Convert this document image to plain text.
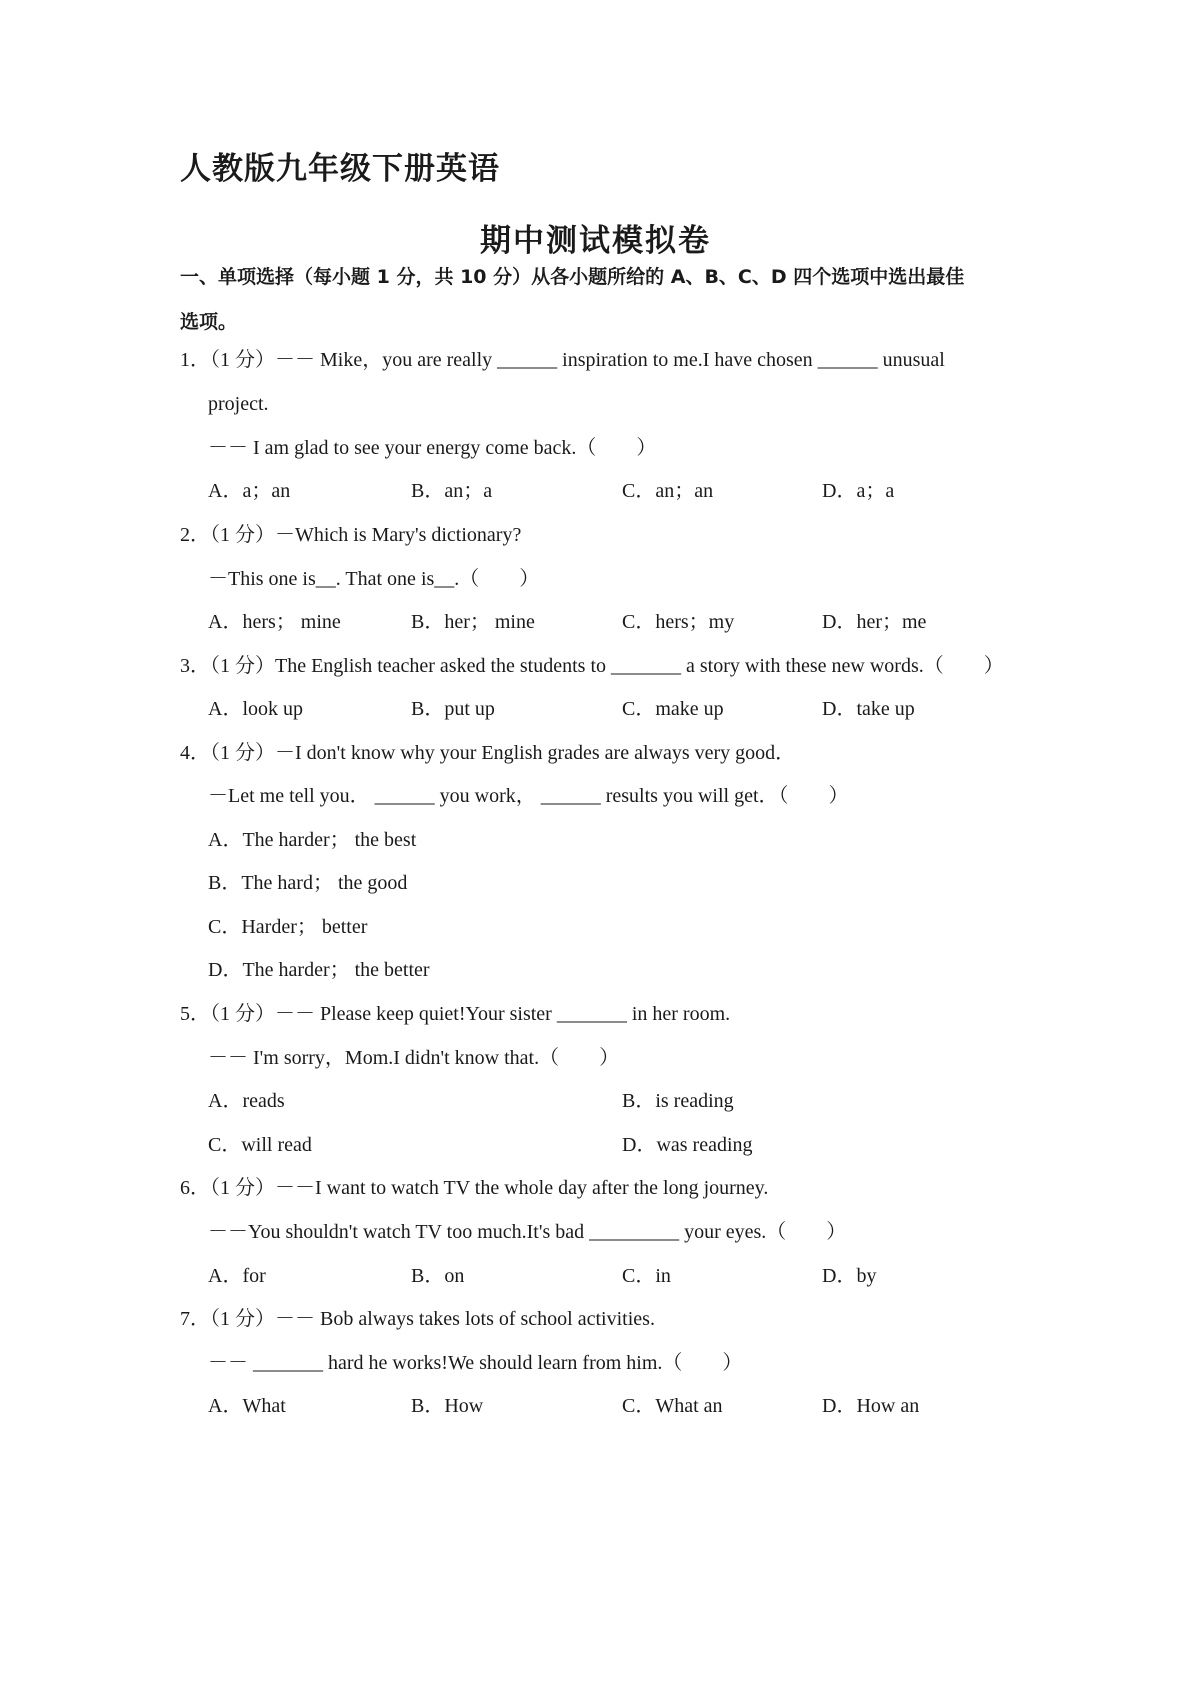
人教版九年级下册英语
期中测试模拟卷
一、单项选择（每小题 1 分，共 10 分）从各小题所给的 A、B、C、D 四个选项中选出最佳
选项。
1．（1 分）－－ Mike，you are really ______ inspiration to me.I have chosen ______ unusual
project.
－－ I am glad to see your energy come back.（　　）
A．a；an	B．an；a	C．an；an	D．a；a
2．（1 分）－Which is Mary's dictionary?
－This one is__. That one is__.（　　）
A．hers； mine	B．her； mine	C．hers；my	D．her；me
3．（1 分）The English teacher asked the students to _______ a story with these new words.（　　）
A．look up	B．put up	C．make up	D．take up
4．（1 分）－I don't know why your English grades are always very good．
－Let me tell you． ______ you work， ______ results you will get．（　　）
A．The harder； the best
B．The hard； the good
C．Harder； better
D．The harder； the better
5．（1 分）－－ Please keep quiet!Your sister _______ in her room.
－－ I'm sorry，Mom.I didn't know that.（　　）
A．reads	B．is reading
C．will read	D．was reading
6．（1 分）－－I want to watch TV the whole day after the long journey.
－－You shouldn't watch TV too much.It's bad _________ your eyes.（　　）
A．for	B．on	C．in	D．by
7．（1 分）－－ Bob always takes lots of school activities.
－－ _______ hard he works!We should learn from him.（　　）
A．What	B．How	C．What an	D．How an
